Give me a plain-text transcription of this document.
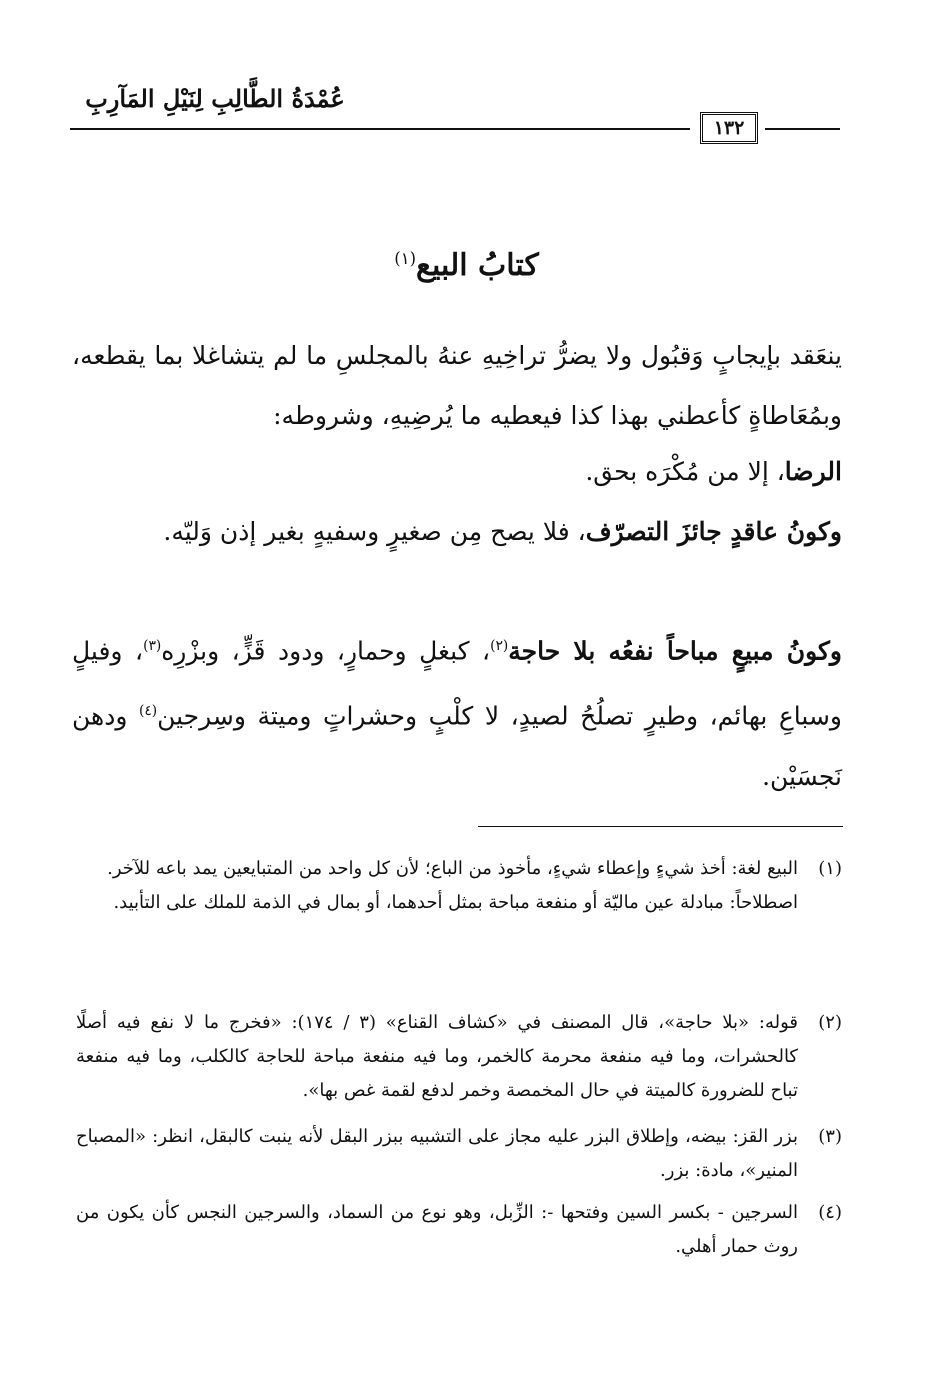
عُمْدَةُ الطَّالِبِ لِنَيْلِ المَآرِبِ
١٣٢
كتابُ البيع$^{(١)}$
ينعَقد بإيجابٍ وَقبُول ولا يضرُّ تراخِيهِ عنهُ بالمجلسِ ما لم يتشاغلا بما يقطعه، وبمُعَاطاةٍ كأعطني بهذا كذا فيعطيه ما يُرضِيهِ، وشروطه:
الرضا، إلا من مُكْرَه بحق.
وكونُ عاقدٍ جائزَ التصرّف، فلا يصح مِن صغيرٍ وسفيهٍ بغير إذن وَليّه.
وكونُ مبيعٍ مباحاً نفعُه بلا حاجة$^{(٢)}$، كبغلٍ وحمارٍ، ودود قَزٍّ، وبزْرِه$^{(٣)}$، وفيلٍ وسباعِ بهائم، وطيرٍ تصلُحُ لصيدٍ، لا كلْبٍ وحشراتٍ وميتة وسِرجين$^{(٤)}$ ودهن نَجسَيْن.
(١)
البيع لغة: أخذ شيءٍ وإعطاء شيءٍ، مأخوذ من الباع؛ لأن كل واحد من المتبايعين يمد باعه للآخر.
اصطلاحاً: مبادلة عين ماليّة أو منفعة مباحة بمثل أحدهما، أو بمال في الذمة للملك على التأبيد.
(٢)
قوله: «بلا حاجة»، قال المصنف في «كشاف القناع» (٣ / ١٧٤): «فخرج ما لا نفع فيه أصلًا كالحشرات، وما فيه منفعة محرمة كالخمر، وما فيه منفعة مباحة للحاجة كالكلب، وما فيه منفعة تباح للضرورة كالميتة في حال المخمصة وخمر لدفع لقمة غص بها».
(٣)
بزر القز: بيضه، وإطلاق البزر عليه مجاز على التشبيه ببزر البقل لأنه ينبت كالبقل، انظر: «المصباح المنير»، مادة: بزر.
(٤)
السرجين - بكسر السين وفتحها -: الزِّبل، وهو نوع من السماد، والسرجين النجس كأن يكون من روث حمار أهلي.
